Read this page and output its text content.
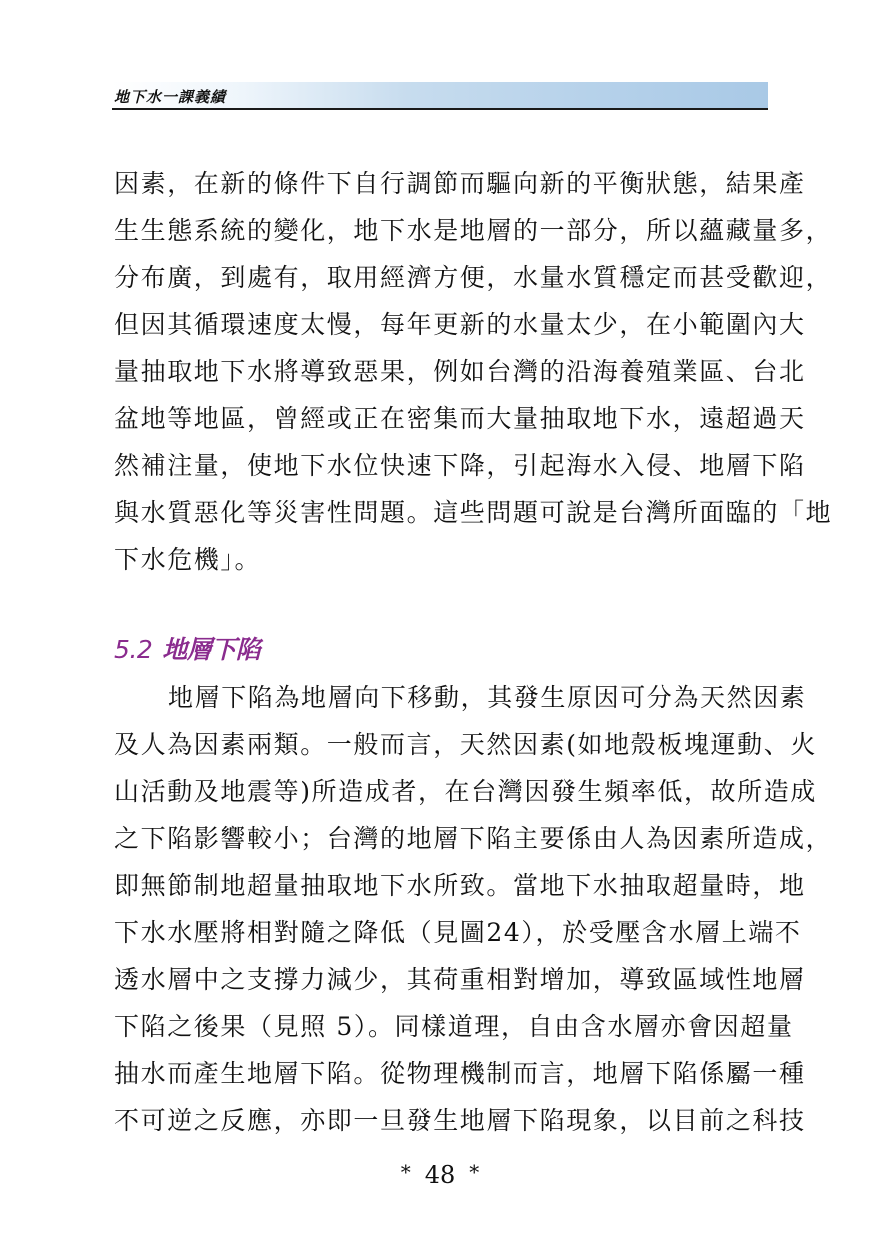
地下水一課義績
因素，在新的條件下自行調節而驅向新的平衡狀態，結果產
生生態系統的變化，地下水是地層的一部分，所以蘊藏量多，
分布廣，到處有，取用經濟方便，水量水質穩定而甚受歡迎，
但因其循環速度太慢，每年更新的水量太少，在小範圍內大
量抽取地下水將導致惡果，例如台灣的沿海養殖業區、台北
盆地等地區，曾經或正在密集而大量抽取地下水，遠超過天
然補注量，使地下水位快速下降，引起海水入侵、地層下陷
與水質惡化等災害性問題。這些問題可說是台灣所面臨的「地
下水危機」。
5.2 地層下陷
地層下陷為地層向下移動，其發生原因可分為天然因素
及人為因素兩類。一般而言，天然因素(如地殼板塊運動、火
山活動及地震等)所造成者，在台灣因發生頻率低，故所造成
之下陷影響較小；台灣的地層下陷主要係由人為因素所造成，
即無節制地超量抽取地下水所致。當地下水抽取超量時，地
下水水壓將相對隨之降低（見圖24），於受壓含水層上端不
透水層中之支撐力減少，其荷重相對增加，導致區域性地層
下陷之後果（見照 5）。同樣道理，自由含水層亦會因超量
抽水而產生地層下陷。從物理機制而言，地層下陷係屬一種
不可逆之反應，亦即一旦發生地層下陷現象，以目前之科技
* 48 *
